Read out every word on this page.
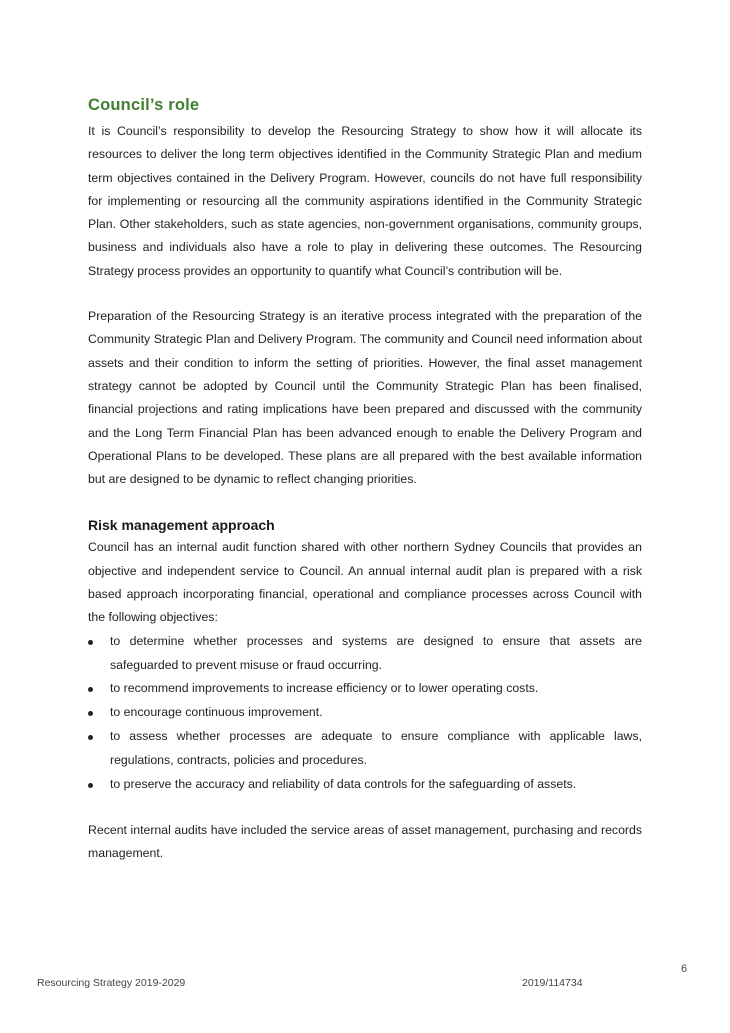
Council’s role

It is Council’s responsibility to develop the Resourcing Strategy to show how it will allocate its resources to deliver the long term objectives identified in the Community Strategic Plan and medium term objectives contained in the Delivery Program. However, councils do not have full responsibility for implementing or resourcing all the community aspirations identified in the Community Strategic Plan. Other stakeholders, such as state agencies, non-government organisations, community groups, business and individuals also have a role to play in delivering these outcomes. The Resourcing Strategy process provides an opportunity to quantify what Council’s contribution will be.

Preparation of the Resourcing Strategy is an iterative process integrated with the preparation of the Community Strategic Plan and Delivery Program. The community and Council need information about assets and their condition to inform the setting of priorities. However, the final asset management strategy cannot be adopted by Council until the Community Strategic Plan has been finalised, financial projections and rating implications have been prepared and discussed with the community and the Long Term Financial Plan has been advanced enough to enable the Delivery Program and Operational Plans to be developed. These plans are all prepared with the best available information but are designed to be dynamic to reflect changing priorities.

Risk management approach

Council has an internal audit function shared with other northern Sydney Councils that provides an objective and independent service to Council. An annual internal audit plan is prepared with a risk based approach incorporating financial, operational and compliance processes across Council with the following objectives:

to determine whether processes and systems are designed to ensure that assets are safeguarded to prevent misuse or fraud occurring.
to recommend improvements to increase efficiency or to lower operating costs.
to encourage continuous improvement.
to assess whether processes are adequate to ensure compliance with applicable laws, regulations, contracts, policies and procedures.
to preserve the accuracy and reliability of data controls for the safeguarding of assets.

Recent internal audits have included the service areas of asset management, purchasing and records management.

6
Resourcing Strategy 2019-2029	2019/114734
